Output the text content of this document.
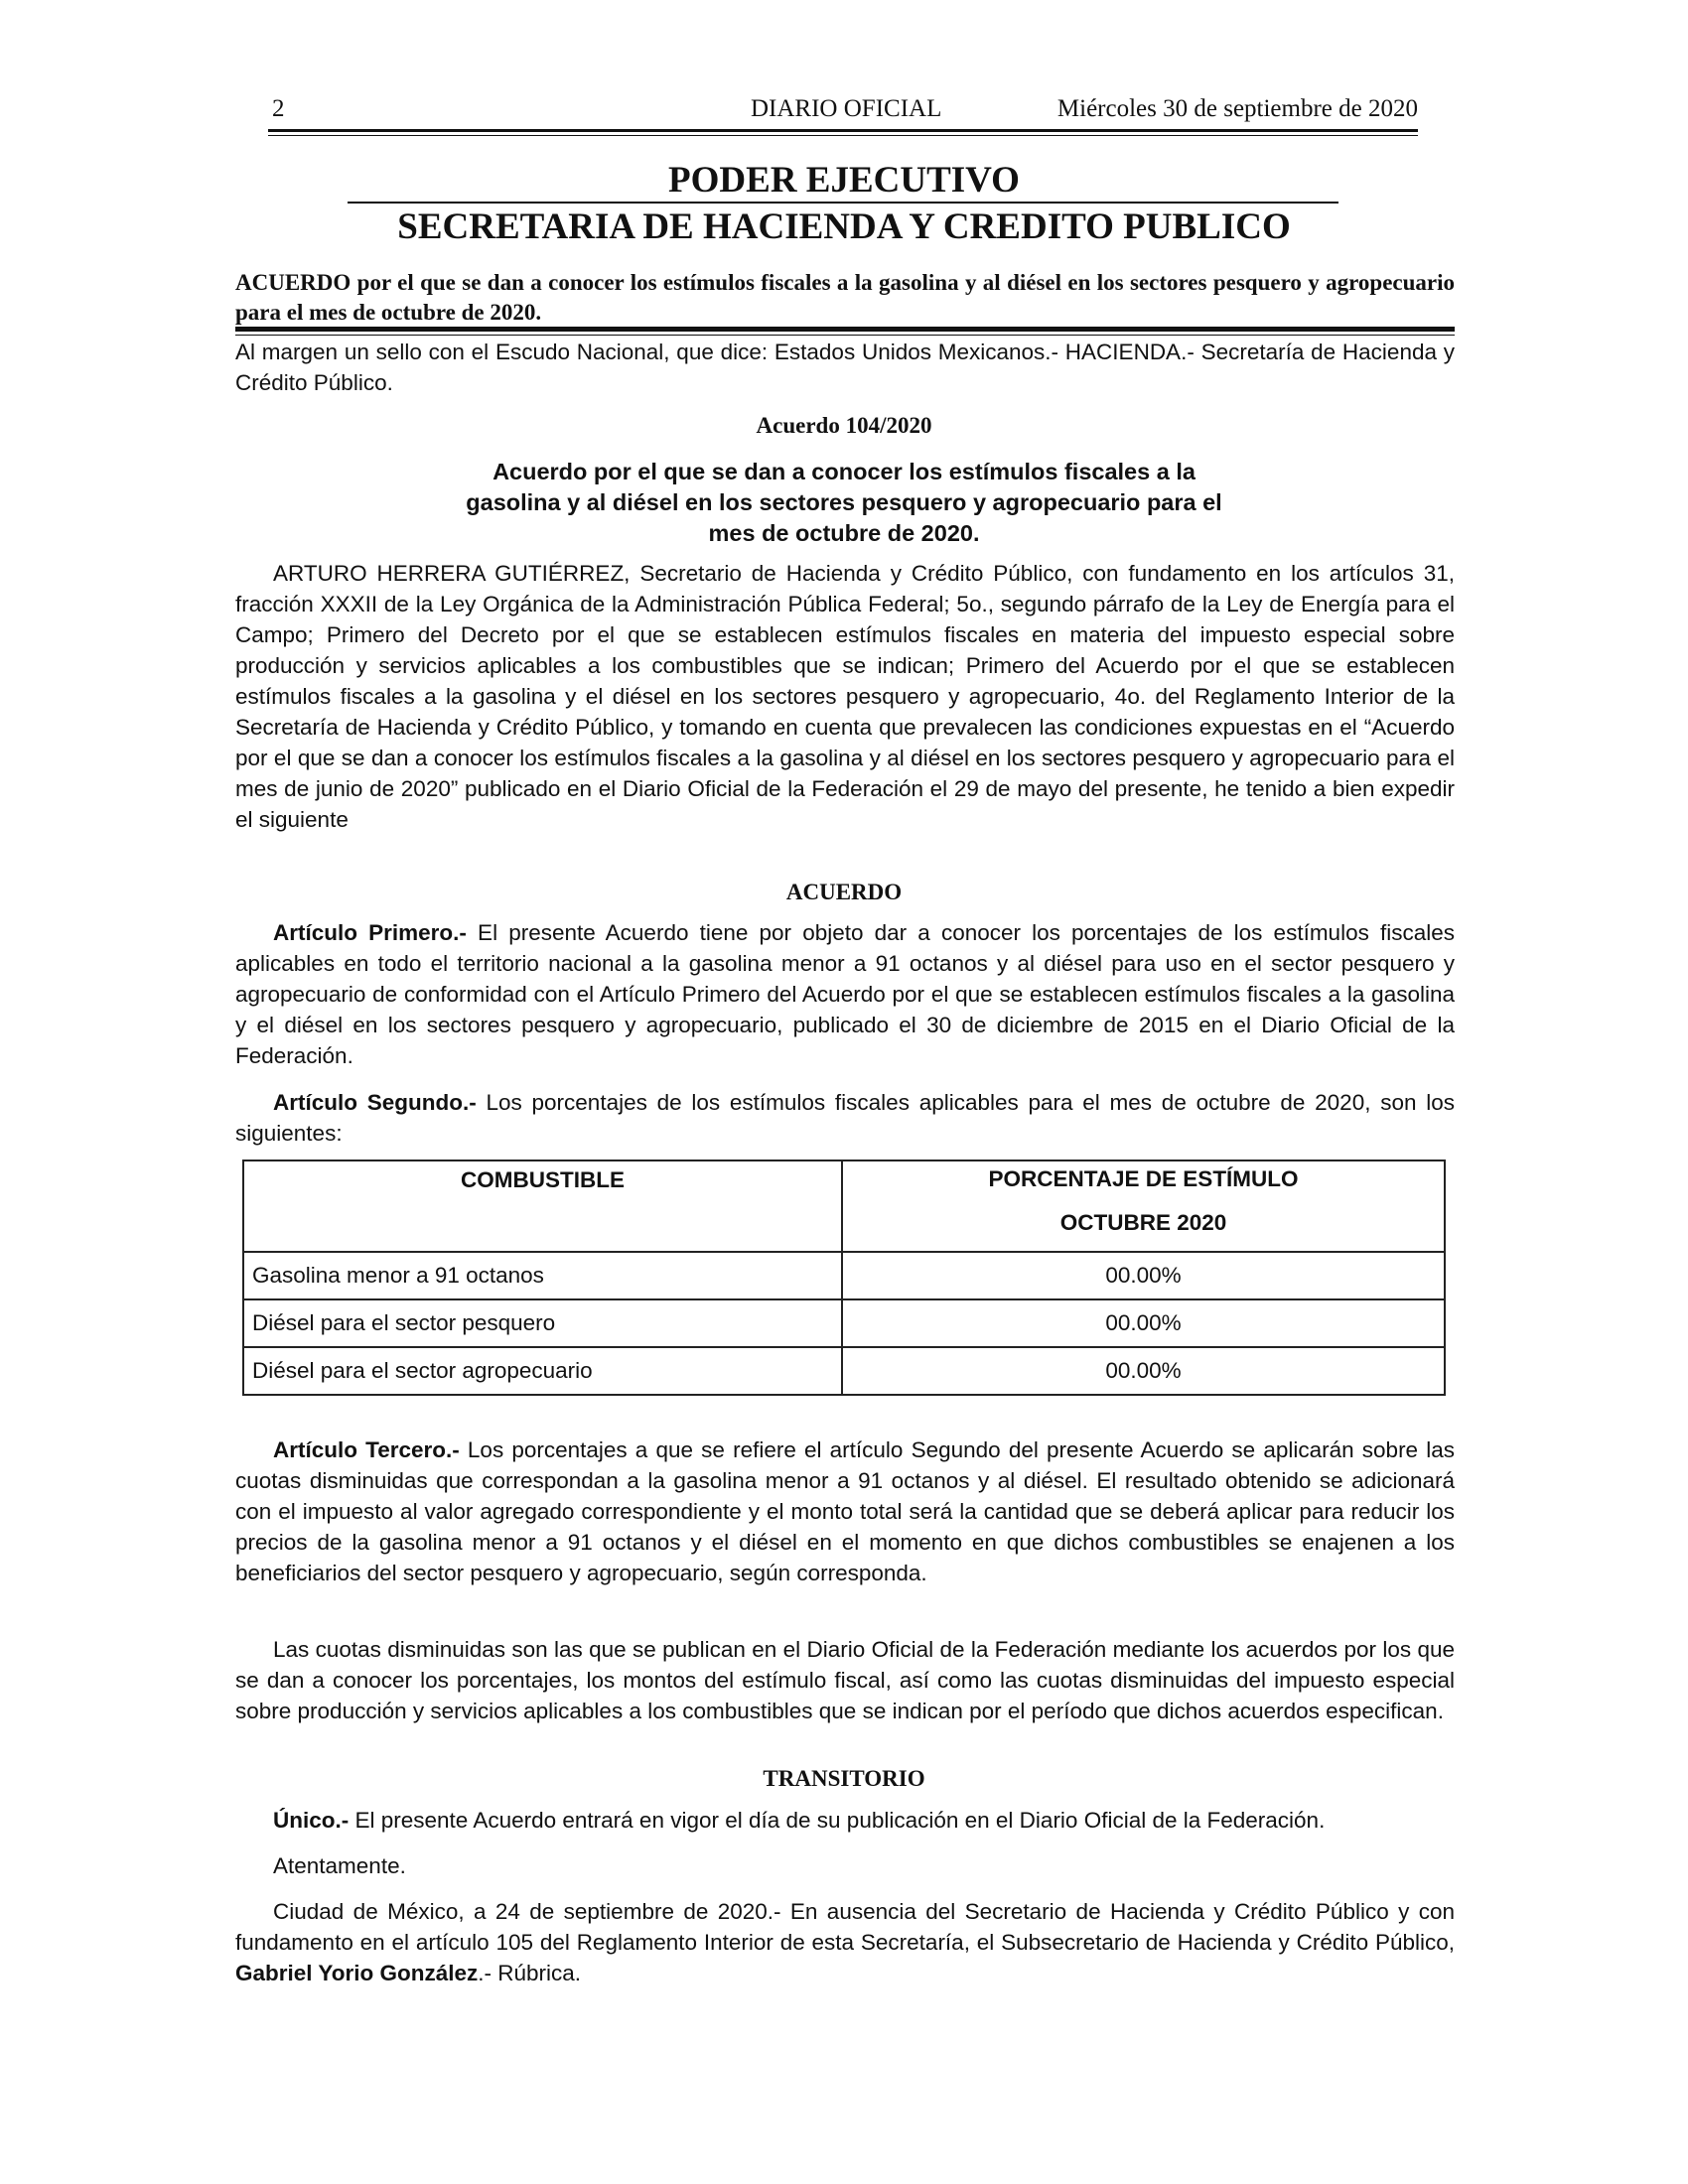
2	DIARIO OFICIAL	Miércoles 30 de septiembre de 2020
PODER EJECUTIVO
SECRETARIA DE HACIENDA Y CREDITO PUBLICO
ACUERDO por el que se dan a conocer los estímulos fiscales a la gasolina y al diésel en los sectores pesquero y agropecuario para el mes de octubre de 2020.
Al margen un sello con el Escudo Nacional, que dice: Estados Unidos Mexicanos.- HACIENDA.- Secretaría de Hacienda y Crédito Público.
Acuerdo 104/2020
Acuerdo por el que se dan a conocer los estímulos fiscales a la
gasolina y al diésel en los sectores pesquero y agropecuario para el
mes de octubre de 2020.
ARTURO HERRERA GUTIÉRREZ, Secretario de Hacienda y Crédito Público, con fundamento en los artículos 31, fracción XXXII de la Ley Orgánica de la Administración Pública Federal; 5o., segundo párrafo de la Ley de Energía para el Campo; Primero del Decreto por el que se establecen estímulos fiscales en materia del impuesto especial sobre producción y servicios aplicables a los combustibles que se indican; Primero del Acuerdo por el que se establecen estímulos fiscales a la gasolina y el diésel en los sectores pesquero y agropecuario, 4o. del Reglamento Interior de la Secretaría de Hacienda y Crédito Público, y tomando en cuenta que prevalecen las condiciones expuestas en el “Acuerdo por el que se dan a conocer los estímulos fiscales a la gasolina y al diésel en los sectores pesquero y agropecuario para el mes de junio de 2020” publicado en el Diario Oficial de la Federación el 29 de mayo del presente, he tenido a bien expedir el siguiente
ACUERDO
Artículo Primero.- El presente Acuerdo tiene por objeto dar a conocer los porcentajes de los estímulos fiscales aplicables en todo el territorio nacional a la gasolina menor a 91 octanos y al diésel para uso en el sector pesquero y agropecuario de conformidad con el Artículo Primero del Acuerdo por el que se establecen estímulos fiscales a la gasolina y el diésel en los sectores pesquero y agropecuario, publicado el 30 de diciembre de 2015 en el Diario Oficial de la Federación.
Artículo Segundo.- Los porcentajes de los estímulos fiscales aplicables para el mes de octubre de 2020, son los siguientes:
COMBUSTIBLE	PORCENTAJE DE ESTÍMULO
OCTUBRE 2020

Gasolina menor a 91 octanos	00.00%
Diésel para el sector pesquero	00.00%
Diésel para el sector agropecuario	00.00%
Artículo Tercero.- Los porcentajes a que se refiere el artículo Segundo del presente Acuerdo se aplicarán sobre las cuotas disminuidas que correspondan a la gasolina menor a 91 octanos y al diésel. El resultado obtenido se adicionará con el impuesto al valor agregado correspondiente y el monto total será la cantidad que se deberá aplicar para reducir los precios de la gasolina menor a 91 octanos y el diésel en el momento en que dichos combustibles se enajenen a los beneficiarios del sector pesquero y agropecuario, según corresponda.
Las cuotas disminuidas son las que se publican en el Diario Oficial de la Federación mediante los acuerdos por los que se dan a conocer los porcentajes, los montos del estímulo fiscal, así como las cuotas disminuidas del impuesto especial sobre producción y servicios aplicables a los combustibles que se indican por el período que dichos acuerdos especifican.
TRANSITORIO
Único.- El presente Acuerdo entrará en vigor el día de su publicación en el Diario Oficial de la Federación.
Atentamente.
Ciudad de México, a 24 de septiembre de 2020.- En ausencia del Secretario de Hacienda y Crédito Público y con fundamento en el artículo 105 del Reglamento Interior de esta Secretaría, el Subsecretario de Hacienda y Crédito Público, Gabriel Yorio González.- Rúbrica.
